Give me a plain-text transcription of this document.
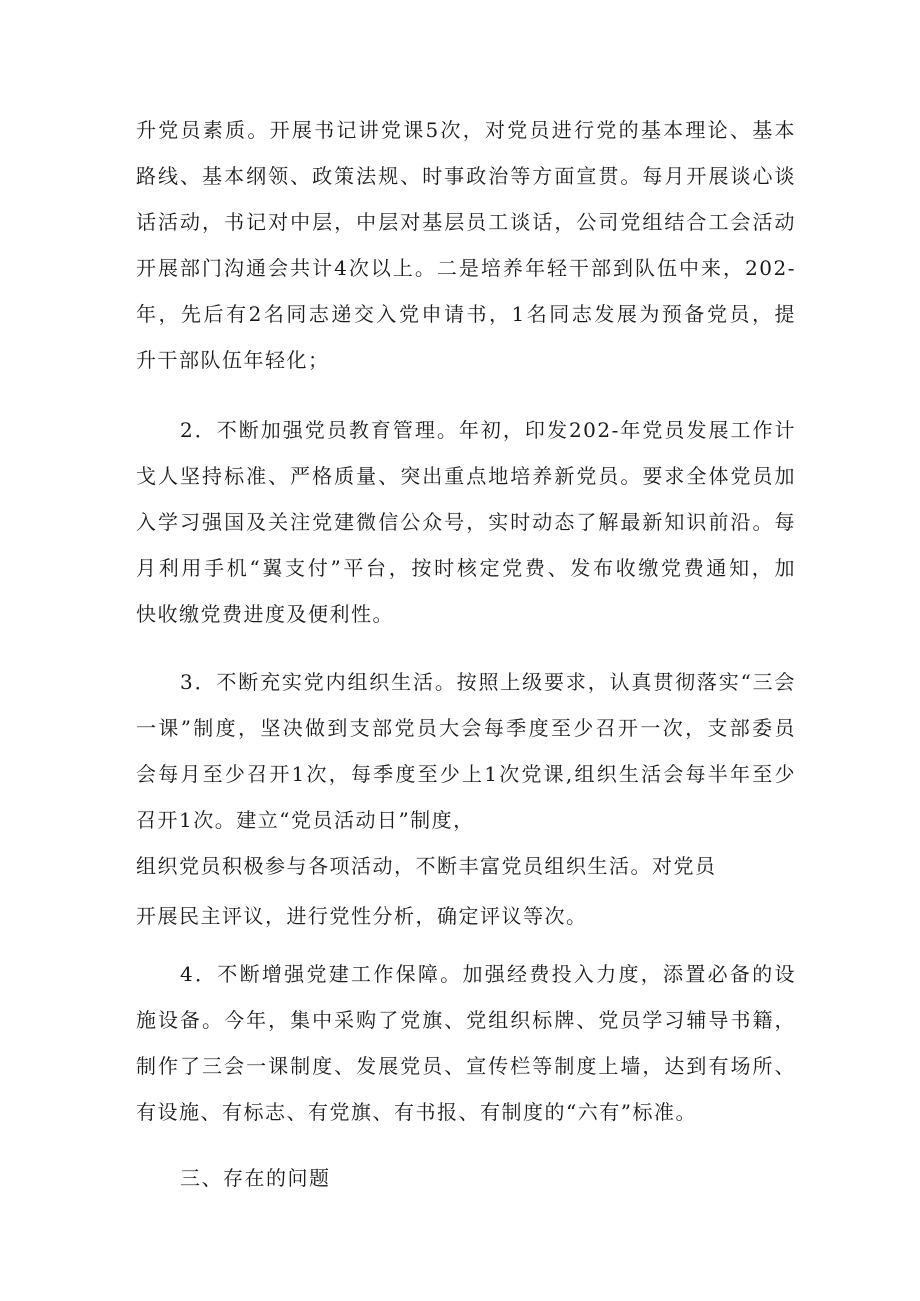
升党员素质。开展书记讲党课5次，对党员进行党的基本理论、基本
路线、基本纲领、政策法规、时事政治等方面宣贯。每月开展谈心谈
话活动，书记对中层，中层对基层员工谈话，公司党组结合工会活动
开展部门沟通会共计4次以上。二是培养年轻干部到队伍中来，202-
年，先后有2名同志递交入党申请书，1名同志发展为预备党员，提
升干部队伍年轻化；
2．不断加强党员教育管理。年初，印发202-年党员发展工作计
戈人坚持标准、严格质量、突出重点地培养新党员。要求全体党员加
入学习强国及关注党建微信公众号，实时动态了解最新知识前沿。每
月利用手机“翼支付”平台，按时核定党费、发布收缴党费通知，加
快收缴党费进度及便利性。
3．不断充实党内组织生活。按照上级要求，认真贯彻落实“三会
一课”制度，坚决做到支部党员大会每季度至少召开一次，支部委员
会每月至少召开1次，每季度至少上1次党课,组织生活会每半年至少
召开1次。建立“党员活动日”制度，
组织党员积极参与各项活动，不断丰富党员组织生活。对党员
开展民主评议，进行党性分析，确定评议等次。
4．不断增强党建工作保障。加强经费投入力度，添置必备的设
施设备。今年，集中采购了党旗、党组织标牌、党员学习辅导书籍，
制作了三会一课制度、发展党员、宣传栏等制度上墙，达到有场所、
有设施、有标志、有党旗、有书报、有制度的“六有”标准。
三、存在的问题
